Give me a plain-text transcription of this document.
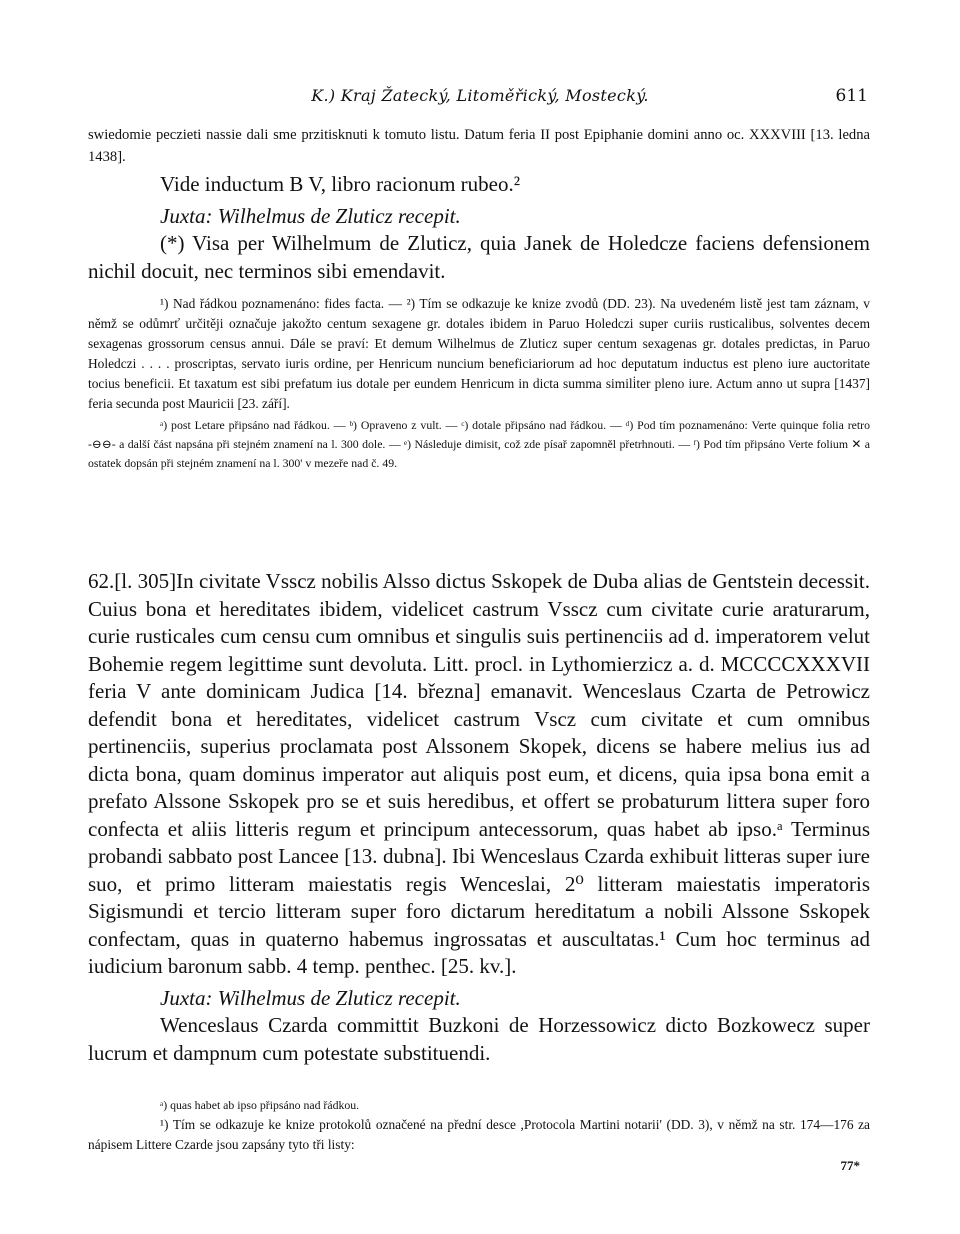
K.) Kraj Žatecký, Litoměřický, Mostecký.	611

swiedomie peczieti nassie dali sme przitisknuti k tomuto listu. Datum feria II post Epiphanie domini anno oc. XXXVIII [13. ledna 1438].

Vide inductum B V, libro racionum rubeo.²

Juxta: Wilhelmus de Zluticz recepit.

(*) Visa per Wilhelmum de Zluticz, quia Janek de Holedcze faciens defensionem nichil docuit, nec terminos sibi emendavit.

¹) Nad řádkou poznamenáno: fides facta. — ²) Tím se odkazuje ke knize zvodů (DD. 23). Na uvedeném listě jest tam záznam, v němž se odůmrť určitěji označuje jakožto centum sexagene gr. dotales ibidem in Paruo Holedczi super curiis rusticalibus, solventes decem sexagenas grossorum census annui. Dále se praví: Et demum Wilhelmus de Zluticz super centum sexagenas gr. dotales predictas, in Paruo Holedczi . . . . proscriptas, servato iuris ordine, per Henricum nuncium beneficiariorum ad hoc deputatum inductus est pleno iure auctoritate tocius beneficii. Et taxatum est sibi prefatum ius dotale per eundem Henricum in dicta summa simili̇ter pleno iure. Actum anno ut supra [1437] feria secunda post Mauricii [23. září].

ᵃ) post Letare připsáno nad řádkou. — ᵇ) Opraveno z vult. — ᶜ) dotale připsáno nad řádkou. — ᵈ) Pod tím poznamenáno: Verte quinque folia retro -⊖⊖- a další část napsána při stejném znamení na l. 300 dole. — ᵉ) Následuje dimisit, což zde písař zapomněl přetrhnouti. — ᶠ) Pod tím připsáno Verte folium ✕ a ostatek dopsán při stejném znamení na l. 300' v mezeře nad č. 49.

62.[l. 305]In civitate Vsscz nobilis Alsso dictus Sskopek de Duba alias de Gentstein decessit. Cuius bona et hereditates ibidem, videlicet castrum Vsscz cum civitate curie araturarum, curie rusticales cum censu cum omnibus et singulis suis pertinenciis ad d. imperatorem velut Bohemie regem legittime sunt devoluta. Litt. procl. in Lythomierzicz a. d. MCCCCXXXVII feria V ante dominicam Judica [14. března] emanavit. Wenceslaus Czarta de Petrowicz defendit bona et hereditates, videlicet castrum Vscz cum civitate et cum omnibus pertinenciis, superius proclamata post Alssonem Skopek, dicens se habere melius ius ad dicta bona, quam dominus imperator aut aliquis post eum, et dicens, quia ipsa bona emit a prefato Alssone Sskopek pro se et suis heredibus, et offert se probaturum littera super foro confecta et aliis litteris regum et principum antecessorum, quas habet ab ipso.ᵃ Terminus probandi sabbato post Lancee [13. dubna]. Ibi Wenceslaus Czarda exhibuit litteras super iure suo, et primo litteram maiestatis regis Wenceslai, 2⁰ litteram maiestatis imperatoris Sigismundi et tercio litteram super foro dictarum hereditatum a nobili Alssone Sskopek confectam, quas in quaterno habemus ingrossatas et auscultatas.¹ Cum hoc terminus ad iudicium baronum sabb. 4 temp. penthec. [25. kv.].

Juxta: Wilhelmus de Zluticz recepit.

Wenceslaus Czarda committit Buzkoni de Horzessowicz dicto Bozkowecz super lucrum et dampnum cum potestate substituendi.

ᵃ) quas habet ab ipso připsáno nad řádkou.

¹) Tím se odkazuje ke knize protokolů označené na přední desce ,Protocola Martini notarii' (DD. 3), v němž na str. 174—176 za nápisem Littere Czarde jsou zapsány tyto tři listy:

77*
